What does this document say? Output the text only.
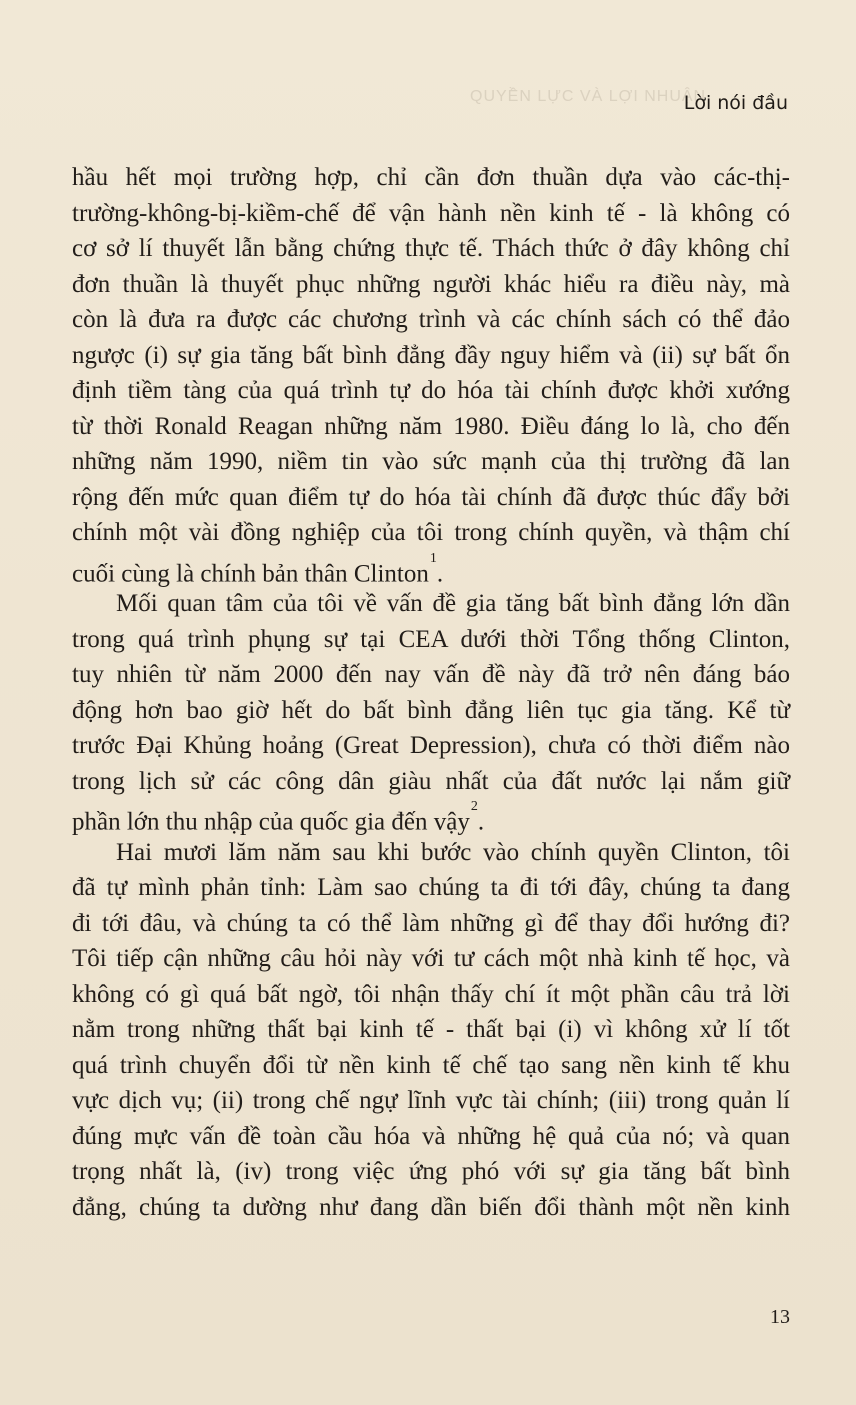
QUYỀN LỰC VÀ LỢI NHUẬN
Lời nói đầu
hầu hết mọi trường hợp, chỉ cần đơn thuần dựa vào các-thị-
trường-không-bị-kiềm-chế để vận hành nền kinh tế - là không có
cơ sở lí thuyết lẫn bằng chứng thực tế. Thách thức ở đây không chỉ
đơn thuần là thuyết phục những người khác hiểu ra điều này, mà
còn là đưa ra được các chương trình và các chính sách có thể đảo
ngược (i) sự gia tăng bất bình đẳng đầy nguy hiểm và (ii) sự bất ổn
định tiềm tàng của quá trình tự do hóa tài chính được khởi xướng
từ thời Ronald Reagan những năm 1980. Điều đáng lo là, cho đến
những năm 1990, niềm tin vào sức mạnh của thị trường đã lan
rộng đến mức quan điểm tự do hóa tài chính đã được thúc đẩy bởi
chính một vài đồng nghiệp của tôi trong chính quyền, và thậm chí
cuối cùng là chính bản thân Clinton$^1$.
Mối quan tâm của tôi về vấn đề gia tăng bất bình đẳng lớn dần
trong quá trình phụng sự tại CEA dưới thời Tổng thống Clinton,
tuy nhiên từ năm 2000 đến nay vấn đề này đã trở nên đáng báo
động hơn bao giờ hết do bất bình đẳng liên tục gia tăng. Kể từ
trước Đại Khủng hoảng (Great Depression), chưa có thời điểm nào
trong lịch sử các công dân giàu nhất của đất nước lại nắm giữ
phần lớn thu nhập của quốc gia đến vậy$^2$.
Hai mươi lăm năm sau khi bước vào chính quyền Clinton, tôi
đã tự mình phản tỉnh: Làm sao chúng ta đi tới đây, chúng ta đang
đi tới đâu, và chúng ta có thể làm những gì để thay đổi hướng đi?
Tôi tiếp cận những câu hỏi này với tư cách một nhà kinh tế học, và
không có gì quá bất ngờ, tôi nhận thấy chí ít một phần câu trả lời
nằm trong những thất bại kinh tế - thất bại (i) vì không xử lí tốt
quá trình chuyển đổi từ nền kinh tế chế tạo sang nền kinh tế khu
vực dịch vụ; (ii) trong chế ngự lĩnh vực tài chính; (iii) trong quản lí
đúng mực vấn đề toàn cầu hóa và những hệ quả của nó; và quan
trọng nhất là, (iv) trong việc ứng phó với sự gia tăng bất bình
đẳng, chúng ta dường như đang dần biến đổi thành một nền kinh
13
